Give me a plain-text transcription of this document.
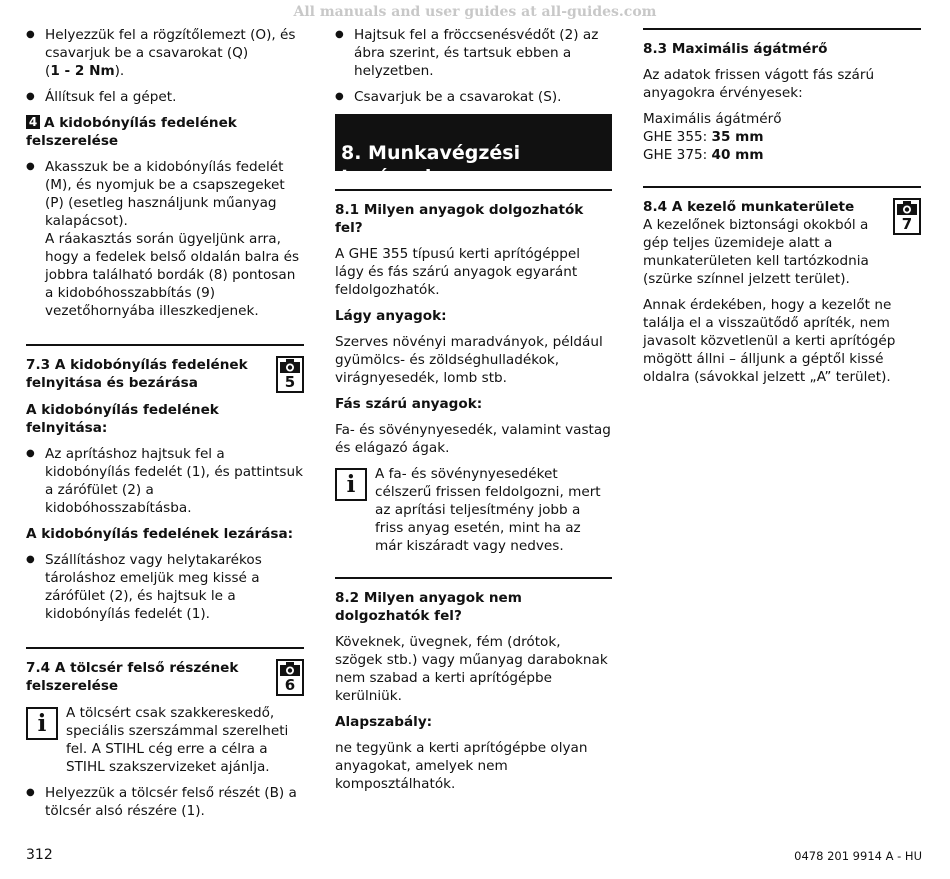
All manuals and user guides at all-guides.com
● Helyezzük fel a rögzítőlemezt (O), és csavarjuk be a csavarokat (Q)
(1 - 2 Nm).
● Állítsuk fel a gépet.
4 A kidobónyílás fedelének felszerelése
● Akasszuk be a kidobónyílás fedelét (M), és nyomjuk be a csapszegeket (P) (esetleg használjunk műanyag kalapácsot).
A ráakasztás során ügyeljünk arra, hogy a fedelek belső oldalán balra és jobbra található bordák (8) pontosan a kidobóhosszabbítás (9) vezetőhornyába illeszkedjenek.
7.3 A kidobónyílás fedelének felnyitása és bezárása	5
A kidobónyílás fedelének felnyitása:
● Az aprításhoz hajtsuk fel a kidobónyílás fedelét (1), és pattintsuk a zárófület (2) a kidobóhosszabításba.
A kidobónyílás fedelének lezárása:
● Szállításhoz vagy helytakarékos tároláshoz emeljük meg kissé a zárófület (2), és hajtsuk le a kidobónyílás fedelét (1).
7.4 A tölcsér felső részének felszerelése	6
i	A tölcsért csak szakkereskedő, speciális szerszámmal szerelheti fel. A STIHL cég erre a célra a STIHL szakszervizeket ajánlja.
● Helyezzük a tölcsér felső részét (B) a tölcsér alsó részére (1).
● Hajtsuk fel a fröccsenésvédőt (2) az ábra szerint, és tartsuk ebben a helyzetben.
● Csavarjuk be a csavarokat (S).
8. Munkavégzési tanácsok
8.1 Milyen anyagok dolgozhatók fel?

A GHE 355 típusú kerti aprítógéppel lágy és fás szárú anyagok egyaránt feldolgozhatók.

Lágy anyagok:

Szerves növényi maradványok, például gyümölcs- és zöldséghulladékok, virágnyesedék, lomb stb.

Fás szárú anyagok:

Fa- és sövénynyesedék, valamint vastag és elágazó ágak.

i	A fa- és sövénynyesedéket célszerű frissen feldolgozni, mert az aprítási teljesítmény jobb a friss anyag esetén, mint ha az már kiszáradt vagy nedves.
8.2 Milyen anyagok nem dolgozhatók fel?

Köveknek, üvegnek, fém (drótok, szögek stb.) vagy műanyag daraboknak nem szabad a kerti aprítógépbe kerülniük.

Alapszabály:

ne tegyünk a kerti aprítógépbe olyan anyagokat, amelyek nem komposztálhatók.

8.3 Maximális ágátmérő

Az adatok frissen vágott fás szárú anyagokra érvényesek:

Maximális ágátmérő
GHE 355: 35 mm
GHE 375: 40 mm

8.4 A kezelő munkaterülete
7

A kezelőnek biztonsági okokból a gép teljes üzemideje alatt a munkaterületen kell tartózkodnia (szürke színnel jelzett terület).

Annak érdekében, hogy a kezelőt ne találja el a visszaütődő apríték, nem javasolt közvetlenül a kerti aprítógép mögött állni – álljunk a géptől kissé oldalra (sávokkal jelzett „A” terület).

312	0478 201 9914 A - HU
